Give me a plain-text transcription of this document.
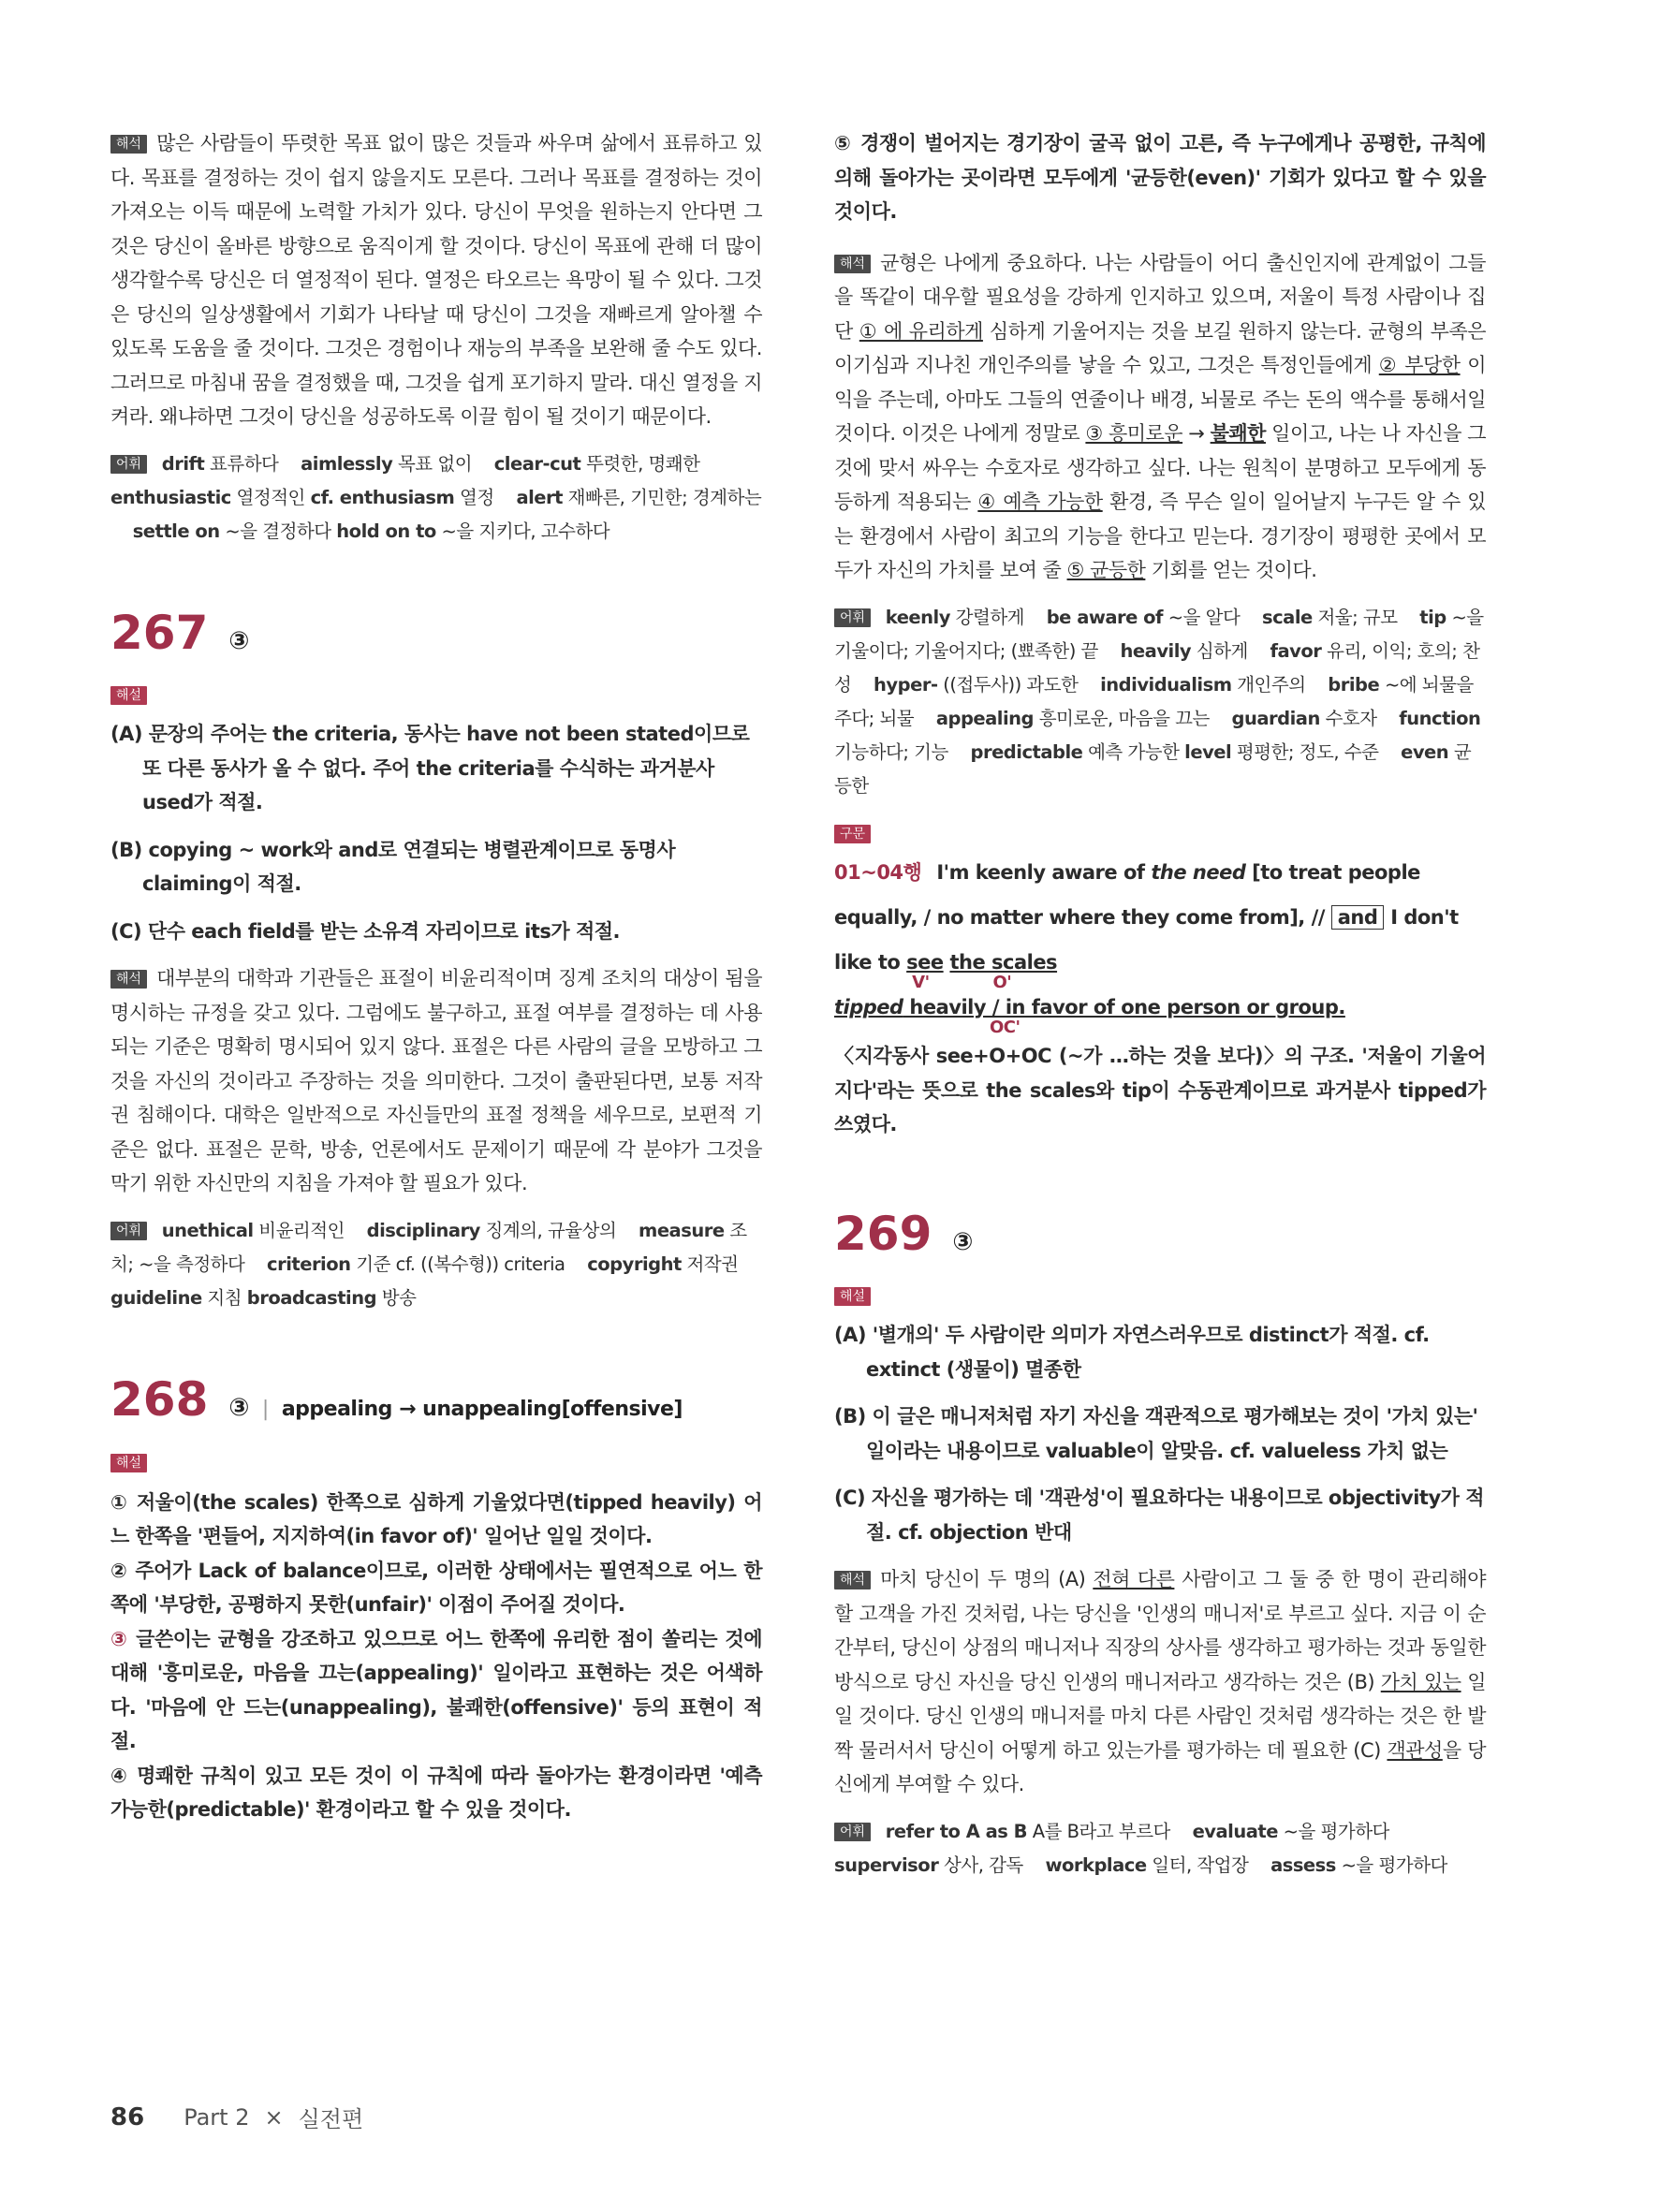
해석 많은 사람들이 뚜렷한 목표 없이 많은 것들과 싸우며 삶에서 표류하고 있다. 목표를 결정하는 것이 쉽지 않을지도 모른다. 그러나 목표를 결정하는 것이 가져오는 이득 때문에 노력할 가치가 있다. 당신이 무엇을 원하는지 안다면 그것은 당신이 올바른 방향으로 움직이게 할 것이다. 당신이 목표에 관해 더 많이 생각할수록 당신은 더 열정적이 된다. 열정은 타오르는 욕망이 될 수 있다. 그것은 당신의 일상생활에서 기회가 나타날 때 당신이 그것을 재빠르게 알아챌 수 있도록 도움을 줄 것이다. 그것은 경험이나 재능의 부족을 보완해 줄 수도 있다. 그러므로 마침내 꿈을 결정했을 때, 그것을 쉽게 포기하지 말라. 대신 열정을 지켜라. 왜냐하면 그것이 당신을 성공하도록 이끌 힘이 될 것이기 때문이다.

어휘 drift 표류하다 aimlessly 목표 없이 clear-cut 뚜렷한, 명쾌한 enthusiastic 열정적인 cf. enthusiasm 열정 alert 재빠른, 기민한; 경계하는 settle on ~을 결정하다 hold on to ~을 지키다, 고수하다

267 ③
해설

(A) 문장의 주어는 the criteria, 동사는 have not been stated이므로 또 다른 동사가 올 수 없다. 주어 the criteria를 수식하는 과거분사 used가 적절.

(B) copying ~ work와 and로 연결되는 병렬관계이므로 동명사 claiming이 적절.

(C) 단수 each field를 받는 소유격 자리이므로 its가 적절.

해석 대부분의 대학과 기관들은 표절이 비윤리적이며 징계 조치의 대상이 됨을 명시하는 규정을 갖고 있다. 그럼에도 불구하고, 표절 여부를 결정하는 데 사용되는 기준은 명확히 명시되어 있지 않다. 표절은 다른 사람의 글을 모방하고 그것을 자신의 것이라고 주장하는 것을 의미한다. 그것이 출판된다면, 보통 저작권 침해이다. 대학은 일반적으로 자신들만의 표절 정책을 세우므로, 보편적 기준은 없다. 표절은 문학, 방송, 언론에서도 문제이기 때문에 각 분야가 그것을 막기 위한 자신만의 지침을 가져야 할 필요가 있다.

어휘 unethical 비윤리적인 disciplinary 징계의, 규율상의 measure 조치; ~을 측정하다 criterion 기준 cf. ((복수형)) criteria copyright 저작권 guideline 지침 broadcasting 방송

268 ③ | appealing → unappealing[offensive]
해설

① 저울이(the scales) 한쪽으로 심하게 기울었다면(tipped heavily) 어느 한쪽을 '편들어, 지지하여(in favor of)' 일어난 일일 것이다.

② 주어가 Lack of balance이므로, 이러한 상태에서는 필연적으로 어느 한쪽에 '부당한, 공평하지 못한(unfair)' 이점이 주어질 것이다.

③ 글쓴이는 균형을 강조하고 있으므로 어느 한쪽에 유리한 점이 쏠리는 것에 대해 '흥미로운, 마음을 끄는(appealing)' 일이라고 표현하는 것은 어색하다. '마음에 안 드는(unappealing), 불쾌한(offensive)' 등의 표현이 적절.

④ 명쾌한 규칙이 있고 모든 것이 이 규칙에 따라 돌아가는 환경이라면 '예측 가능한(predictable)' 환경이라고 할 수 있을 것이다.

⑤ 경쟁이 벌어지는 경기장이 굴곡 없이 고른, 즉 누구에게나 공평한, 규칙에 의해 돌아가는 곳이라면 모두에게 '균등한(even)' 기회가 있다고 할 수 있을 것이다.

해석 균형은 나에게 중요하다. 나는 사람들이 어디 출신인지에 관계없이 그들을 똑같이 대우할 필요성을 강하게 인지하고 있으며, 저울이 특정 사람이나 집단 ① 에 유리하게 심하게 기울어지는 것을 보길 원하지 않는다. 균형의 부족은 이기심과 지나친 개인주의를 낳을 수 있고, 그것은 특정인들에게 ② 부당한 이익을 주는데, 아마도 그들의 연줄이나 배경, 뇌물로 주는 돈의 액수를 통해서일 것이다. 이것은 나에게 정말로 ③ 흥미로운 → 불쾌한 일이고, 나는 나 자신을 그것에 맞서 싸우는 수호자로 생각하고 싶다. 나는 원칙이 분명하고 모두에게 동등하게 적용되는 ④ 예측 가능한 환경, 즉 무슨 일이 일어날지 누구든 알 수 있는 환경에서 사람이 최고의 기능을 한다고 믿는다. 경기장이 평평한 곳에서 모두가 자신의 가치를 보여 줄 ⑤ 균등한 기회를 얻는 것이다.

어휘 keenly 강렬하게 be aware of ~을 알다 scale 저울; 규모 tip ~을 기울이다; 기울어지다; (뾰족한) 끝 heavily 심하게 favor 유리, 이익; 호의; 찬성 hyper- ((접두사)) 과도한 individualism 개인주의 bribe ~에 뇌물을 주다; 뇌물 appealing 흥미로운, 마음을 끄는 guardian 수호자 function 기능하다; 기능 predictable 예측 가능한 level 평평한; 정도, 수준 even 균등한

구문
01~04행 I'm keenly aware of the need [to treat people equally, / no matter where they come from], // and I don't like to see
V'
the scales
O'

tipped heavily / in favor of one person or group.
OC'

〈지각동사 see+O+OC (~가 …하는 것을 보다)〉의 구조. '저울이 기울어지다'라는 뜻으로 the scales와 tip이 수동관계이므로 과거분사 tipped가 쓰였다.

269 ③
해설

(A) '별개의' 두 사람이란 의미가 자연스러우므로 distinct가 적절. cf. extinct (생물이) 멸종한

(B) 이 글은 매니저처럼 자기 자신을 객관적으로 평가해보는 것이 '가치 있는' 일이라는 내용이므로 valuable이 알맞음. cf. valueless 가치 없는

(C) 자신을 평가하는 데 '객관성'이 필요하다는 내용이므로 objectivity가 적절. cf. objection 반대

해석 마치 당신이 두 명의 (A) 전혀 다른 사람이고 그 둘 중 한 명이 관리해야 할 고객을 가진 것처럼, 나는 당신을 '인생의 매니저'로 부르고 싶다. 지금 이 순간부터, 당신이 상점의 매니저나 직장의 상사를 생각하고 평가하는 것과 동일한 방식으로 당신 자신을 당신 인생의 매니저라고 생각하는 것은 (B) 가치 있는 일일 것이다. 당신 인생의 매니저를 마치 다른 사람인 것처럼 생각하는 것은 한 발짝 물러서서 당신이 어떻게 하고 있는가를 평가하는 데 필요한 (C) 객관성을 당신에게 부여할 수 있다.

어휘 refer to A as B A를 B라고 부르다 evaluate ~을 평가하다 supervisor 상사, 감독 workplace 일터, 작업장 assess ~을 평가하다

86 Part 2 × 실전편
